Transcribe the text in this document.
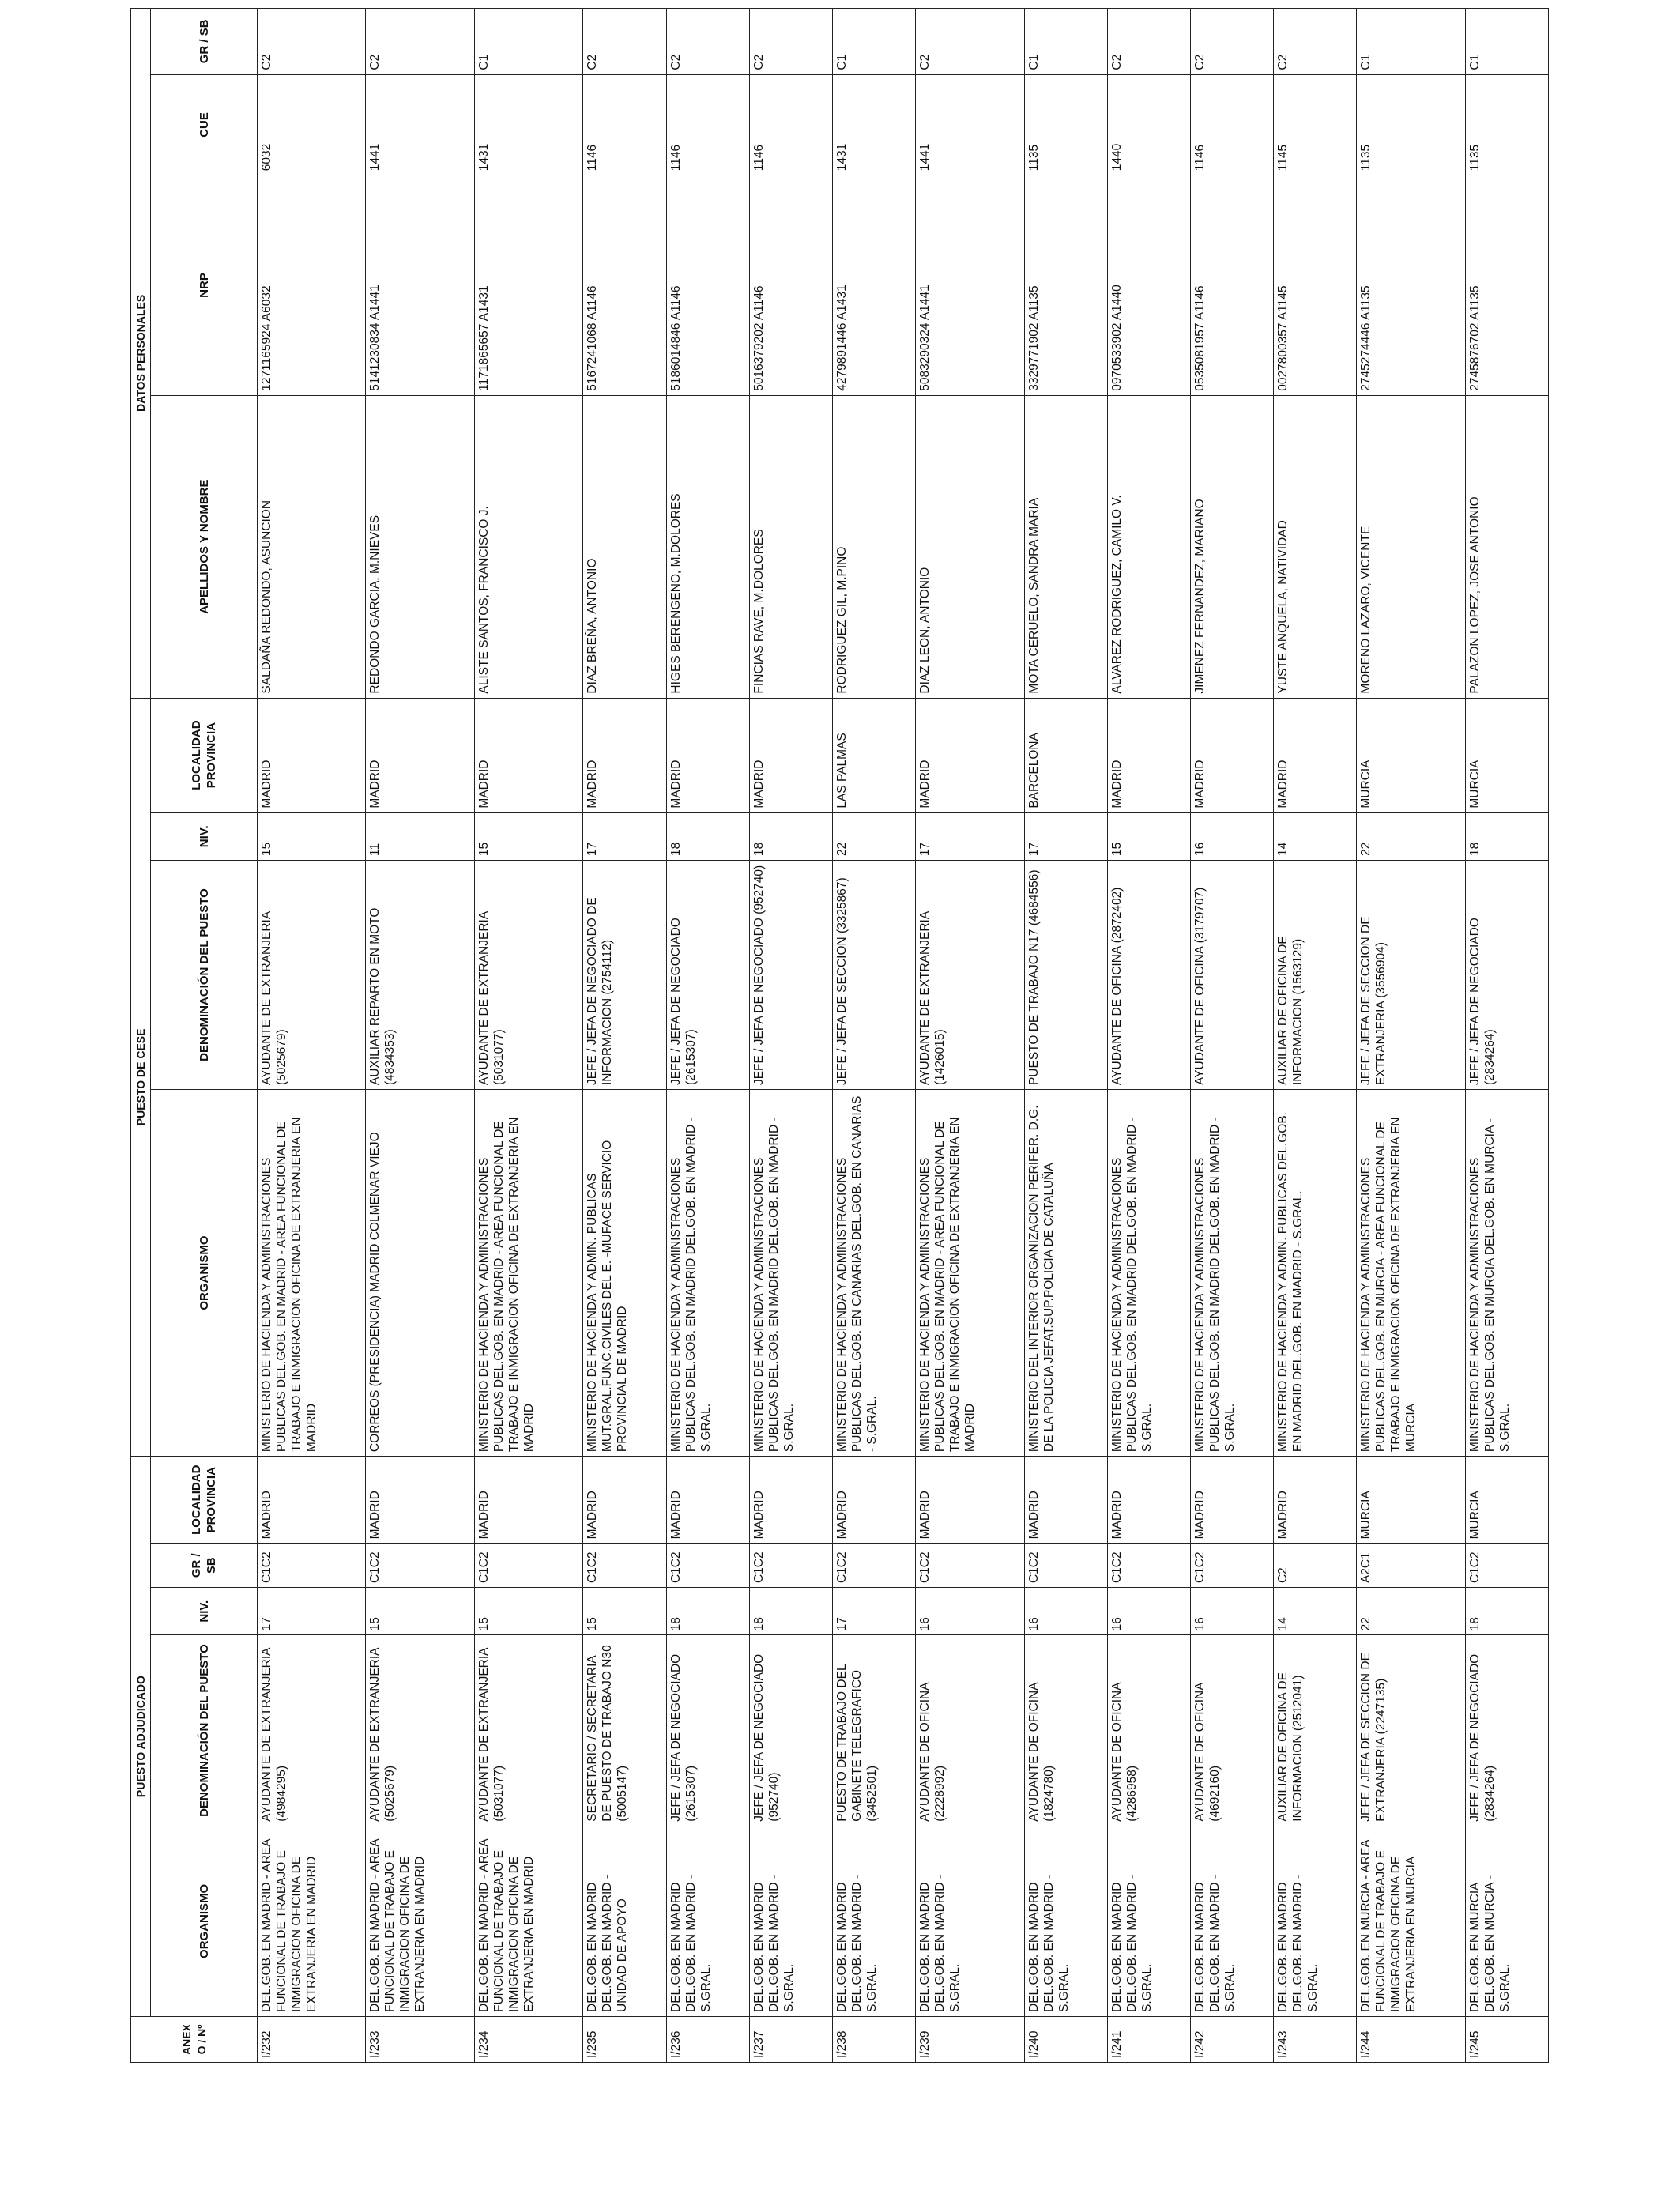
ANEXO / Nº	PUESTO ADJUDICADO					PUESTO DE CESE				DATOS PERSONALES			
	ORGANISMO	DENOMINACIÓN DEL PUESTO	NIV.	GR / SB	LOCALIDAD PROVINCIA	ORGANISMO	DENOMINACIÓN DEL PUESTO	NIV.	LOCALIDAD PROVINCIA	APELLIDOS Y NOMBRE	NRP	CUE	GR / SB
I/232	DEL.GOB. EN MADRID - AREA FUNCIONAL DE TRABAJO E INMIGRACION OFICINA DE EXTRANJERIA EN MADRID	AYUDANTE DE EXTRANJERIA (4984295)	17	C1C2	MADRID	MINISTERIO DE HACIENDA Y ADMINISTRACIONES PUBLICAS DEL.GOB. EN MADRID - AREA FUNCIONAL DE TRABAJO E INMIGRACION OFICINA DE EXTRANJERIA EN MADRID	AYUDANTE DE EXTRANJERIA (5025679)	15	MADRID	SALDAÑA REDONDO, ASUNCION	1271165924 A6032	6032	C2
I/233	DEL.GOB. EN MADRID - AREA FUNCIONAL DE TRABAJO E INMIGRACION OFICINA DE EXTRANJERIA EN MADRID	AYUDANTE DE EXTRANJERIA (5025679)	15	C1C2	MADRID	CORREOS (PRESIDENCIA) MADRID COLMENAR VIEJO	AUXILIAR REPARTO EN MOTO (4834353)	11	MADRID	REDONDO GARCIA, M.NIEVES	5141230834 A1441	1441	C2
I/234	DEL.GOB. EN MADRID - AREA FUNCIONAL DE TRABAJO E INMIGRACION OFICINA DE EXTRANJERIA EN MADRID	AYUDANTE DE EXTRANJERIA (5031077)	15	C1C2	MADRID	MINISTERIO DE HACIENDA Y ADMINISTRACIONES PUBLICAS DEL.GOB. EN MADRID - AREA FUNCIONAL DE TRABAJO E INMIGRACION OFICINA DE EXTRANJERIA EN MADRID	AYUDANTE DE EXTRANJERIA (5031077)	15	MADRID	ALISTE SANTOS, FRANCISCO J.	1171865657 A1431	1431	C1
I/235	DEL.GOB. EN MADRID DEL.GOB. EN MADRID - UNIDAD DE APOYO	SECRETARIO / SECRETARIA DE PUESTO DE TRABAJO N30 (5005147)	15	C1C2	MADRID	MINISTERIO DE HACIENDA Y ADMIN. PUBLICAS MUT.GRAL.FUNC.CIVILES DEL E. -MUFACE SERVICIO PROVINCIAL DE MADRID	JEFE / JEFA DE NEGOCIADO DE INFORMACION (2754112)	17	MADRID	DIAZ BREÑA, ANTONIO	5167241068 A1146	1146	C2
I/236	DEL.GOB. EN MADRID DEL.GOB. EN MADRID - S.GRAL.	JEFE / JEFA DE NEGOCIADO (2615307)	18	C1C2	MADRID	MINISTERIO DE HACIENDA Y ADMINISTRACIONES PUBLICAS DEL.GOB. EN MADRID DEL.GOB. EN MADRID - S.GRAL.	JEFE / JEFA DE NEGOCIADO (2615307)	18	MADRID	HIGES BERENGENO, M.DOLORES	5186014846 A1146	1146	C2
I/237	DEL.GOB. EN MADRID DEL.GOB. EN MADRID - S.GRAL.	JEFE / JEFA DE NEGOCIADO (952740)	18	C1C2	MADRID	MINISTERIO DE HACIENDA Y ADMINISTRACIONES PUBLICAS DEL.GOB. EN MADRID DEL.GOB. EN MADRID - S.GRAL.	JEFE / JEFA DE NEGOCIADO (952740)	18	MADRID	FINCIAS RAVE, M.DOLORES	5016379202 A1146	1146	C2
I/238	DEL.GOB. EN MADRID DEL.GOB. EN MADRID - S.GRAL.	PUESTO DE TRABAJO DEL GABINETE TELEGRAFICO (3452501)	17	C1C2	MADRID	MINISTERIO DE HACIENDA Y ADMINISTRACIONES PUBLICAS DEL.GOB. EN CANARIAS DEL.GOB. EN CANARIAS - S.GRAL.	JEFE / JEFA DE SECCION (3325867)	22	LAS PALMAS	RODRIGUEZ GIL, M.PINO	4279891446 A1431	1431	C1
I/239	DEL.GOB. EN MADRID DEL.GOB. EN MADRID - S.GRAL.	AYUDANTE DE OFICINA (2228992)	16	C1C2	MADRID	MINISTERIO DE HACIENDA Y ADMINISTRACIONES PUBLICAS DEL.GOB. EN MADRID - AREA FUNCIONAL DE TRABAJO E INMIGRACION OFICINA DE EXTRANJERIA EN MADRID	AYUDANTE DE EXTRANJERIA (1426015)	17	MADRID	DIAZ LEON, ANTONIO	5083290324 A1441	1441	C2
I/240	DEL.GOB. EN MADRID DEL.GOB. EN MADRID - S.GRAL.	AYUDANTE DE OFICINA (1824780)	16	C1C2	MADRID	MINISTERIO DEL INTERIOR ORGANIZACION PERIFER. D.G. DE LA POLICIA JEFAT.SUP.POLICIA DE CATALUÑA	PUESTO DE TRABAJO N17 (4684556)	17	BARCELONA	MOTA CERUELO, SANDRA MARIA	3329771902 A1135	1135	C1
I/241	DEL.GOB. EN MADRID DEL.GOB. EN MADRID - S.GRAL.	AYUDANTE DE OFICINA (4286958)	16	C1C2	MADRID	MINISTERIO DE HACIENDA Y ADMINISTRACIONES PUBLICAS DEL.GOB. EN MADRID DEL.GOB. EN MADRID - S.GRAL.	AYUDANTE DE OFICINA (2872402)	15	MADRID	ALVAREZ RODRIGUEZ, CAMILO V.	0970533902 A1440	1440	C2
I/242	DEL.GOB. EN MADRID DEL.GOB. EN MADRID - S.GRAL.	AYUDANTE DE OFICINA (4692160)	16	C1C2	MADRID	MINISTERIO DE HACIENDA Y ADMINISTRACIONES PUBLICAS DEL.GOB. EN MADRID DEL.GOB. EN MADRID - S.GRAL.	AYUDANTE DE OFICINA (3179707)	16	MADRID	JIMENEZ FERNANDEZ, MARIANO	0535081957 A1146	1146	C2
I/243	DEL.GOB. EN MADRID DEL.GOB. EN MADRID - S.GRAL.	AUXILIAR DE OFICINA DE INFORMACION (2512041)	14	C2	MADRID	MINISTERIO DE HACIENDA Y ADMIN. PUBLICAS DEL.GOB. EN MADRID DEL.GOB. EN MADRID - S.GRAL.	AUXILIAR DE OFICINA DE INFORMACION (1563129)	14	MADRID	YUSTE ANQUELA, NATIVIDAD	0027800357 A1145	1145	C2
I/244	DEL.GOB. EN MURCIA - AREA FUNCIONAL DE TRABAJO E INMIGRACION OFICINA DE EXTRANJERIA EN MURCIA	JEFE / JEFA DE SECCION DE EXTRANJERIA (2247135)	22	A2C1	MURCIA	MINISTERIO DE HACIENDA Y ADMINISTRACIONES PUBLICAS DEL.GOB. EN MURCIA - AREA FUNCIONAL DE TRABAJO E INMIGRACION OFICINA DE EXTRANJERIA EN MURCIA	JEFE / JEFA DE SECCION DE EXTRANJERIA (3556904)	22	MURCIA	MORENO LAZARO, VICENTE	2745274446 A1135	1135	C1
I/245	DEL.GOB. EN MURCIA DEL.GOB. EN MURCIA - S.GRAL.	JEFE / JEFA DE NEGOCIADO (2834264)	18	C1C2	MURCIA	MINISTERIO DE HACIENDA Y ADMINISTRACIONES PUBLICAS DEL.GOB. EN MURCIA DEL.GOB. EN MURCIA - S.GRAL.	JEFE / JEFA DE NEGOCIADO (2834264)	18	MURCIA	PALAZON LOPEZ, JOSE ANTONIO	2745876702 A1135	1135	C1
